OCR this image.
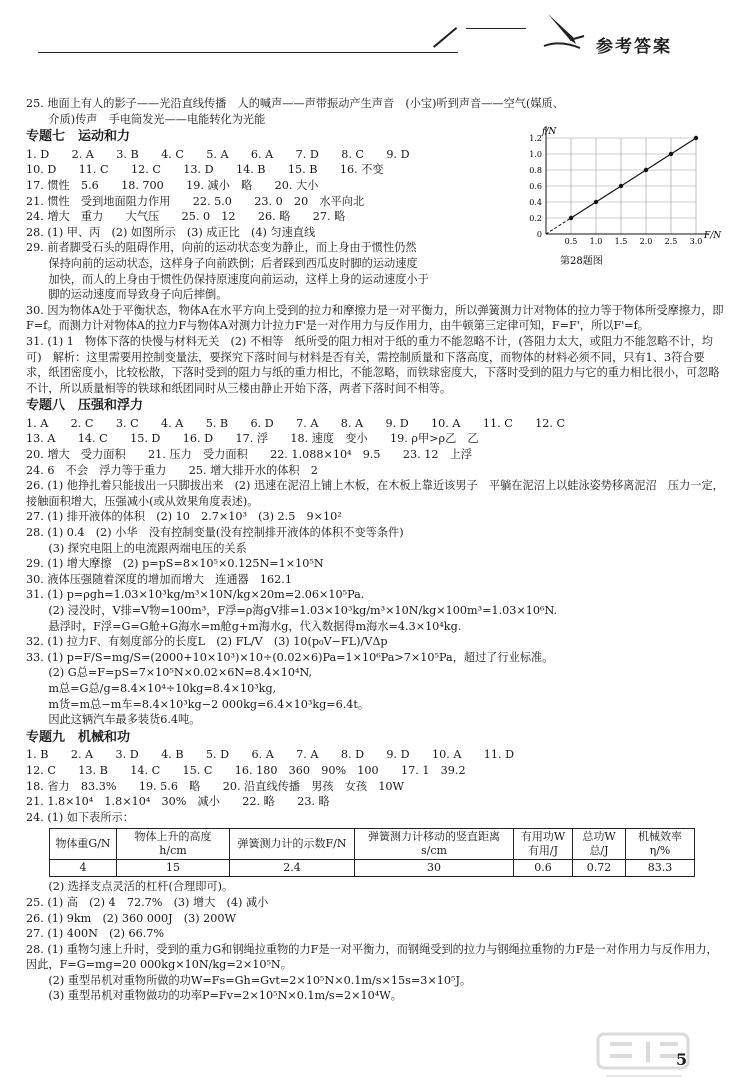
参考答案
1.2
1.0
0.8
0.6
0.4
0.2
0
0.5 1.0 1.5 2.0 2.5 3.0
f/N
F/N
第28题图
25. 地面上有人的影子——光沿直线传播　人的喊声——声带振动产生声音　(小宝)听到声音——空气(媒质、
　　介质)传声　手电筒发光——电能转化为光能
专题七　运动和力
1. D　　2. A　　3. B　　4. C　　5. A　　6. A　　7. D　　8. C　　9. D
10. D　　11. C　　12. C　　13. D　　14. B　　15. B　　16. 不变
17. 惯性　5.6　　18. 700　　19. 减小　略　　20. 大小
21. 惯性　受到地面阻力作用　　22. 5.0　　23. 0　20　水平向北
24. 增大　重力　　大气压　　25. 0　12　　26. 略　　27. 略
28. (1) 甲、丙　(2) 如图所示　(3) 成正比　(4) 匀速直线
29. 前者脚受石头的阻碍作用，向前的运动状态变为静止，而上身由于惯性仍然
　　保持向前的运动状态，这样身子向前跌倒；后者踩到西瓜皮时脚的运动速度
　　加快，而人的上身由于惯性仍保持原速度向前运动，这样上身的运动速度小于
　　脚的运动速度而导致身子向后摔倒。
30. 因为物体A处于平衡状态，物体A在水平方向上受到的拉力和摩擦力是一对平衡力，所以弹簧测力计对物体的拉力等于物体所受摩擦力，即F=f。而测力计对物体A的拉力F与物体A对测力计拉力F'是一对作用力与反作用力，由牛顿第三定律可知，F=F'，所以F'=f。
31. (1) 1　物体下落的快慢与材料无关　(2) 不相等　纸所受的阻力相对于纸的重力不能忽略不计，(答阻力太大，或阻力不能忽略不计，均可)　解析：这里需要用控制变量法，要探究下落时间与材料是否有关，需控制质量和下落高度，而物体的材料必须不同，只有1、3符合要求，纸团密度小，比较松散，下落时受到的阻力与纸的重力相比，不能忽略，而铁球密度大，下落时受到的阻力与它的重力相比很小，可忽略不计，所以质量相等的铁球和纸团同时从三楼由静止开始下落，两者下落时间不相等。
专题八　压强和浮力
1. A　　2. C　　3. C　　4. A　　5. B　　6. D　　7. A　　8. A　　9. D　　10. A　　11. C　　12. C
13. A　　14. C　　15. D　　16. D　　17. 浮　　18. 速度　变小　　19. ρ甲>ρ乙　乙
20. 增大　受力面积　　21. 压力　受力面积　　22. 1.088×10⁴　9.5　　23. 12　上浮
24. 6　不会　浮力等于重力　　25. 增大排开水的体积　2
26. (1) 他挣扎着只能拔出一只脚拔出来　(2) 迅速在泥沼上铺上木板，在木板上靠近该男子　平躺在泥沼上以蛙泳姿势移离泥沼　压力一定，接触面积增大，压强减小(或从效果角度表述)。
27. (1) 排开液体的体积　(2) 10　2.7×10³　(3) 2.5　9×10²
28. (1) 0.4　(2) 小华　没有控制变量(没有控制排开液体的体积不变等条件)
　　(3) 探究电阻上的电流跟两端电压的关系
29. (1) 增大摩擦　(2) p=pS=8×10⁵×0.125N=1×10⁵N
30. 液体压强随着深度的增加而增大　连通器　162.1
31. (1) p=ρgh=1.03×10³kg/m³×10N/kg×20m=2.06×10⁵Pa.
　　(2) 浸没时，V排=V物=100m³，F浮=ρ海gV排=1.03×10³kg/m³×10N/kg×100m³=1.03×10⁶N.
　　悬浮时，F浮=G=G舱+G海水=m舱g+m海水g，代入数据得m海水=4.3×10⁴kg.
32. (1) 拉力F、有刻度部分的长度L　(2) FL/V　(3) 10(p₀V−FL)/VΔp
33. (1) p=F/S=mg/S=(2000+10×10³)×10÷(0.02×6)Pa=1×10⁶Pa>7×10⁵Pa，超过了行业标准。
　　(2) G总=F=pS=7×10⁵N×0.02×6N=8.4×10⁴N,
　　m总=G总/g=8.4×10⁴÷10kg=8.4×10³kg,
　　m货=m总−m车=8.4×10³kg−2 000kg=6.4×10³kg=6.4t。
　　因此这辆汽车最多装货6.4吨。
专题九　机械和功
1. B　　2. A　　3. D　　4. B　　5. D　　6. A　　7. A　　8. D　　9. D　　10. A　　11. D
12. C　　13. B　　14. C　　15. C　　16. 180　360　90%　100　　17. 1　39.2
18. 省力　83.3%　　19. 5.6　略　　20. 沿直线传播　男孩　女孩　10W
21. 1.8×10⁴　1.8×10⁴　30%　减小　　22. 略　　23. 略
24. (1) 如下表所示：
物体重G/N	物体上升的高度h/cm	弹簧测力计的示数F/N	弹簧测力计移动的竖直距离s/cm	有用功W有用/J	总功W总/J	机械效率η/%
4	15	2.4	30	0.6	0.72	83.3
　　(2) 选择支点灵活的杠杆(合理即可)。
25. (1) 高　(2) 4　72.7%　(3) 增大　(4) 减小
26. (1) 9km　(2) 360 000J　(3) 200W
27. (1) 400N　(2) 66.7%
28. (1) 重物匀速上升时，受到的重力G和钢绳拉重物的力F是一对平衡力，而钢绳受到的拉力与钢绳拉重物的力F是一对作用力与反作用力，因此，F=G=mg=20 000kg×10N/kg=2×10⁵N。
　　(2) 重型吊机对重物所做的功W=Fs=Gh=Gvt=2×10⁵N×0.1m/s×15s=3×10⁵J。
　　(3) 重型吊机对重物做功的功率P=Fv=2×10⁵N×0.1m/s=2×10⁴W。
5
